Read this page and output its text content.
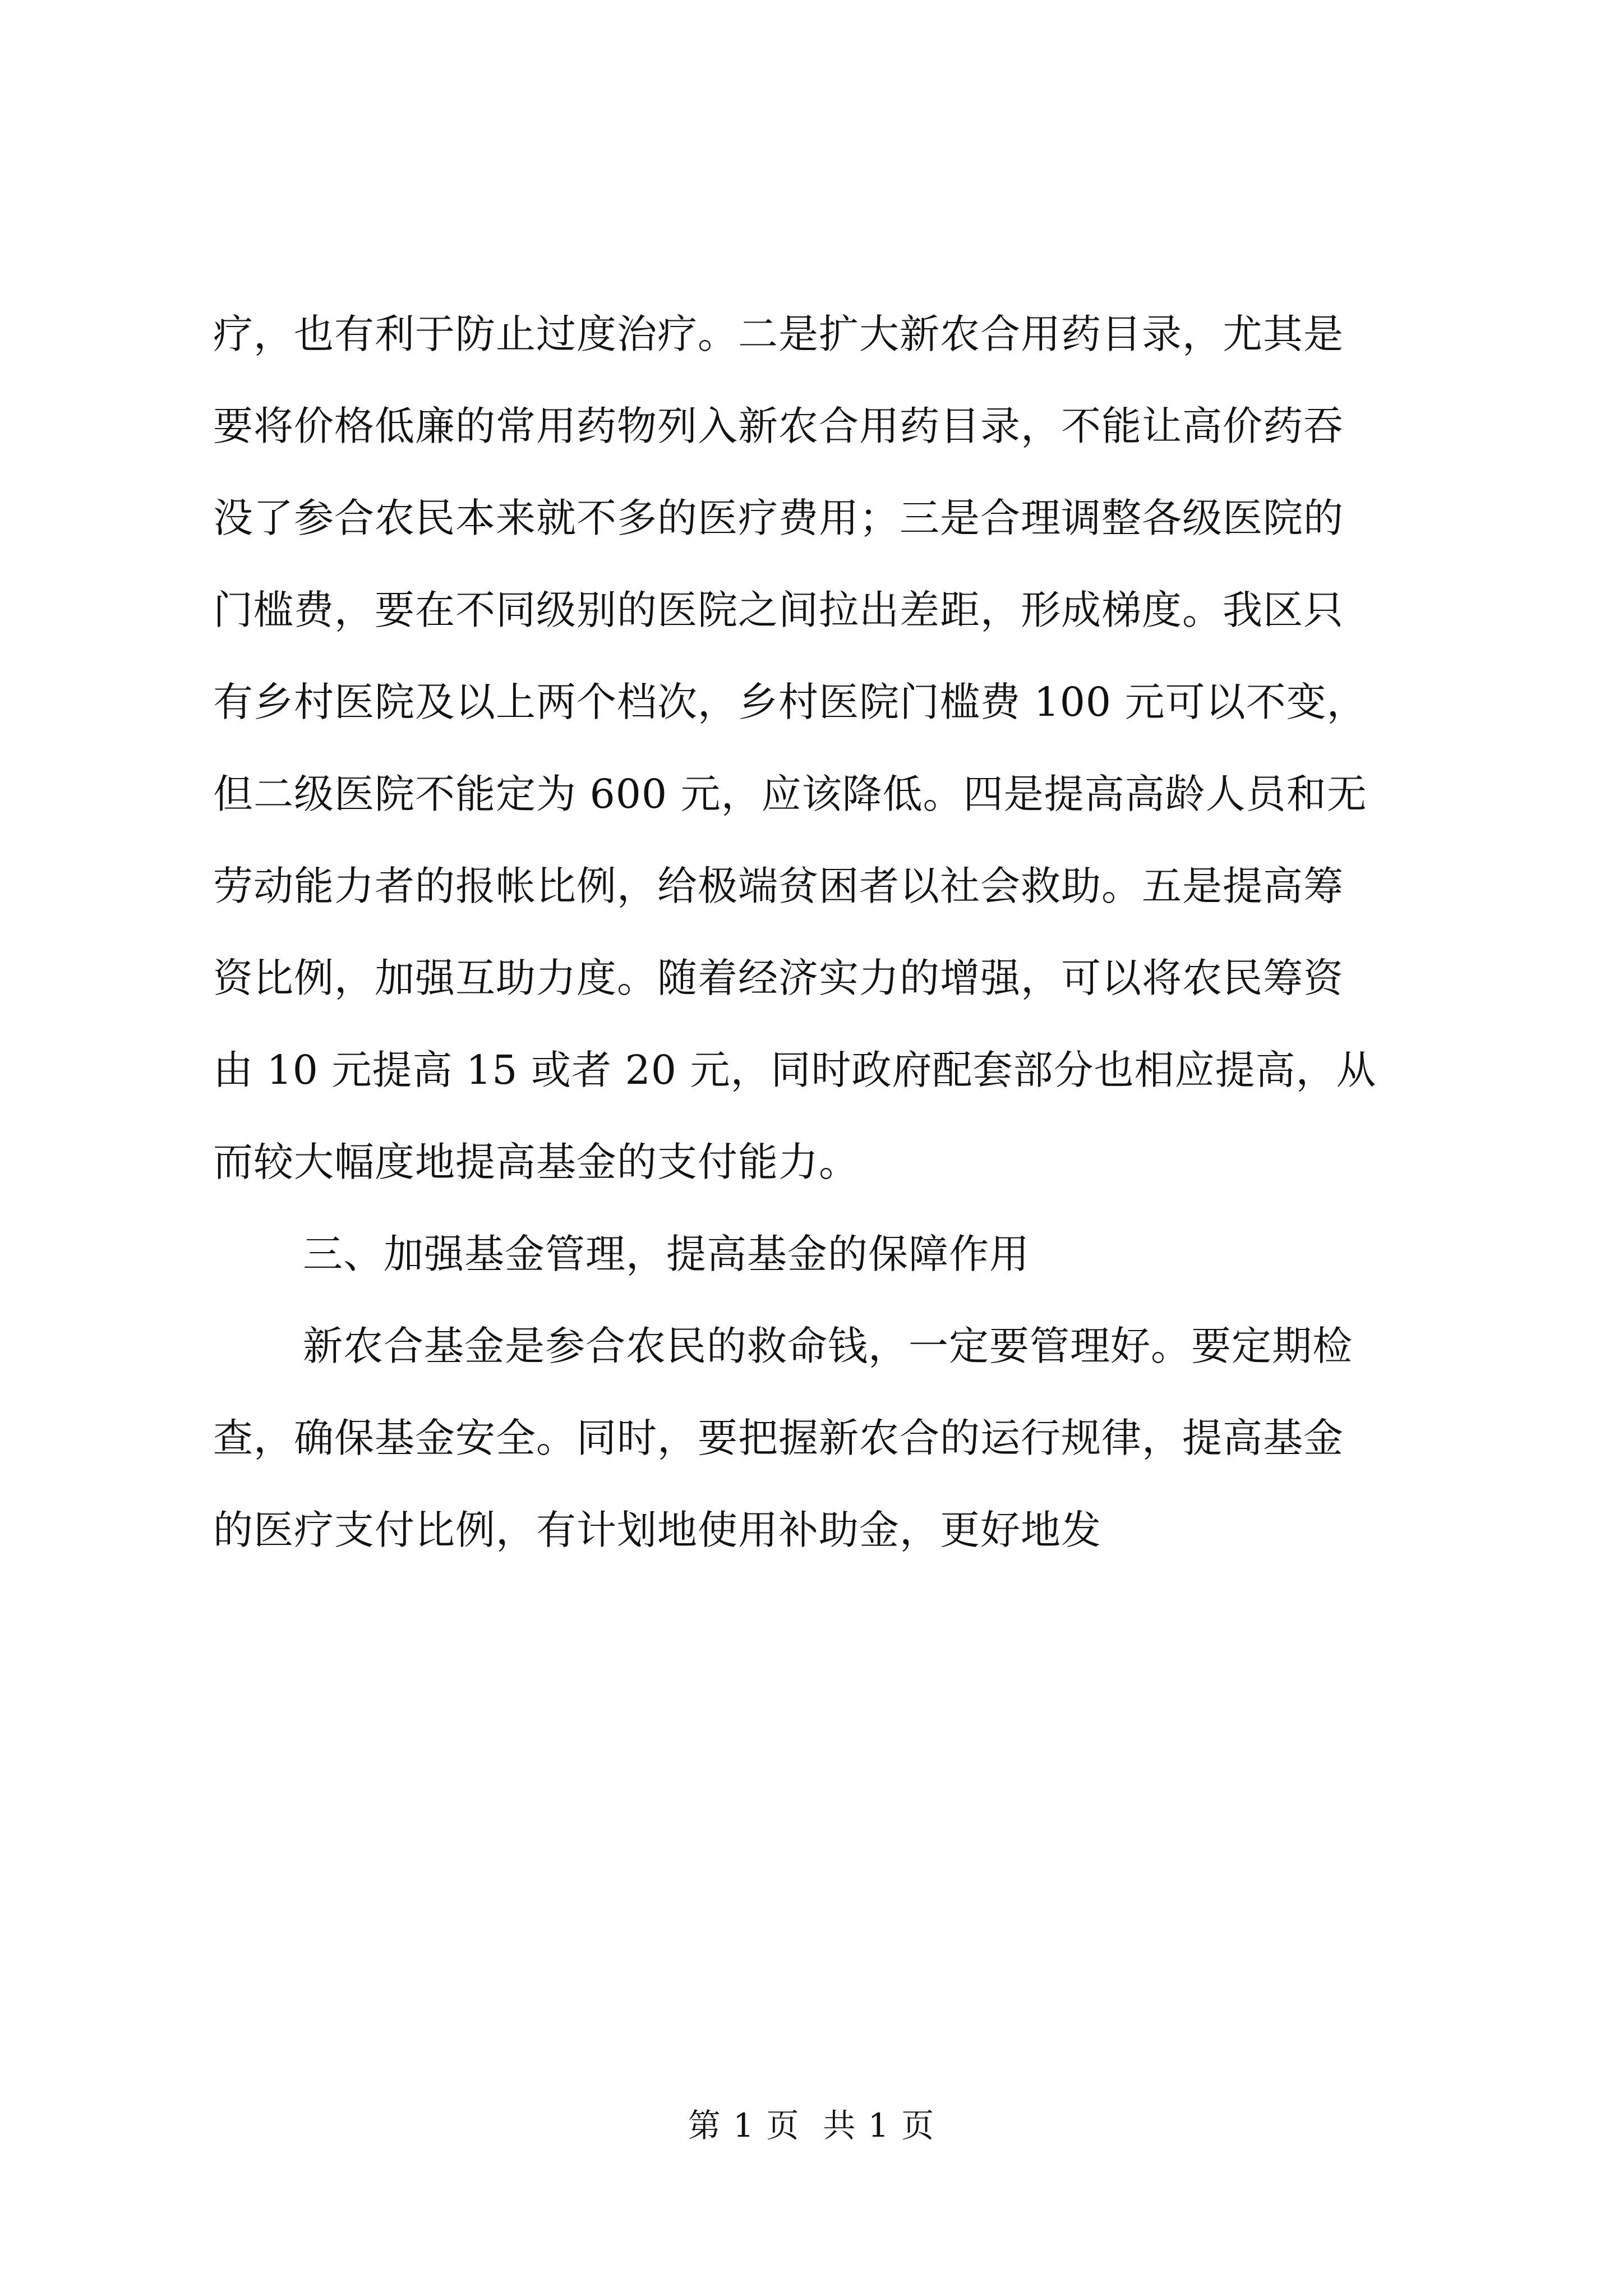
疗，也有利于防止过度治疗。二是扩大新农合用药目录，尤其是
要将价格低廉的常用药物列入新农合用药目录，不能让高价药吞
没了参合农民本来就不多的医疗费用；三是合理调整各级医院的
门槛费，要在不同级别的医院之间拉出差距，形成梯度。我区只
有乡村医院及以上两个档次，乡村医院门槛费 100 元可以不变，
但二级医院不能定为 600 元，应该降低。四是提高高龄人员和无
劳动能力者的报帐比例，给极端贫困者以社会救助。五是提高筹
资比例，加强互助力度。随着经济实力的增强，可以将农民筹资
由 10 元提高 15 或者 20 元，同时政府配套部分也相应提高，从
而较大幅度地提高基金的支付能力。
三、加强基金管理，提高基金的保障作用
新农合基金是参合农民的救命钱，一定要管理好。要定期检
查，确保基金安全。同时，要把握新农合的运行规律，提高基金
的医疗支付比例，有计划地使用补助金，更好地发
第 1 页  共 1 页
